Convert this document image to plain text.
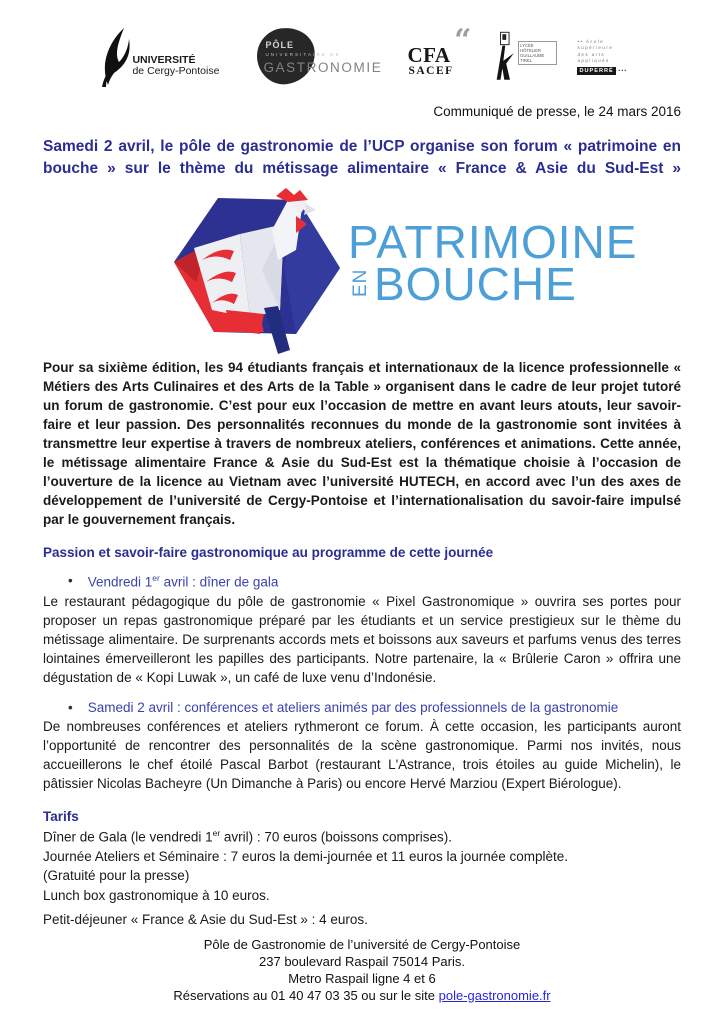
UNIVERSITÉ
de Cergy-Pontoise
PÔLE
UNIVERSITAIRE DE
GASTRONOMIE
“
CFA
SACEF
LYCÉE HÔTELIER
GUILLAUME TIREL
•• école
supérieure
des arts
appliqués
DUPERRÉ •••
Communiqué de presse, le 24 mars 2016
Samedi 2 avril, le pôle de gastronomie de l’UCP organise son forum « patrimoine en bouche » sur le thème du métissage alimentaire « France & Asie du Sud-Est »
PATRIMOINE
EN BOUCHE
Pour sa sixième édition, les 94 étudiants français et internationaux de la licence professionnelle « Métiers des Arts Culinaires et des Arts de la Table » organisent dans le cadre de leur projet tutoré un forum de gastronomie. C’est pour eux l’occasion de mettre en avant leurs atouts, leur savoir-faire et leur passion. Des personnalités reconnues du monde de la gastronomie sont invitées à transmettre leur expertise à travers de nombreux ateliers, conférences et animations. Cette année, le métissage alimentaire France & Asie du Sud-Est est la thématique choisie à l’occasion de l’ouverture de la licence au Vietnam avec l’université HUTECH, en accord avec l’un des axes de développement de l’université de Cergy-Pontoise et l’internationalisation du savoir-faire impulsé par le gouvernement français.
Passion et savoir-faire gastronomique au programme de cette journée
• Vendredi 1er avril : dîner de gala
Le restaurant pédagogique du pôle de gastronomie « Pixel Gastronomique » ouvrira ses portes pour proposer un repas gastronomique préparé par les étudiants et un service prestigieux sur le thème du métissage alimentaire. De surprenants accords mets et boissons aux saveurs et parfums venus des terres lointaines émerveilleront les papilles des participants. Notre partenaire, la « Brûlerie Caron » offrira une dégustation de « Kopi Luwak », un café de luxe venu d’Indonésie.
• Samedi 2 avril : conférences et ateliers animés par des professionnels de la gastronomie
De nombreuses conférences et ateliers rythmeront ce forum. À cette occasion, les participants auront l’opportunité de rencontrer des personnalités de la scène gastronomique. Parmi nos invités, nous accueillerons le chef étoilé Pascal Barbot (restaurant L'Astrance, trois étoiles au guide Michelin), le pâtissier Nicolas Bacheyre (Un Dimanche à Paris) ou encore Hervé Marziou (Expert Biérologue).
Tarifs
Dîner de Gala (le vendredi 1er avril) : 70 euros (boissons comprises).
Journée Ateliers et Séminaire : 7 euros la demi-journée et 11 euros la journée complète.
(Gratuité pour la presse)
Lunch box gastronomique à 10 euros.
Petit-déjeuner « France & Asie du Sud-Est » : 4 euros.
Pôle de Gastronomie de l’université de Cergy-Pontoise
237 boulevard Raspail 75014 Paris.
Metro Raspail ligne 4 et 6
Réservations au 01 40 47 03 35 ou sur le site pole-gastronomie.fr
